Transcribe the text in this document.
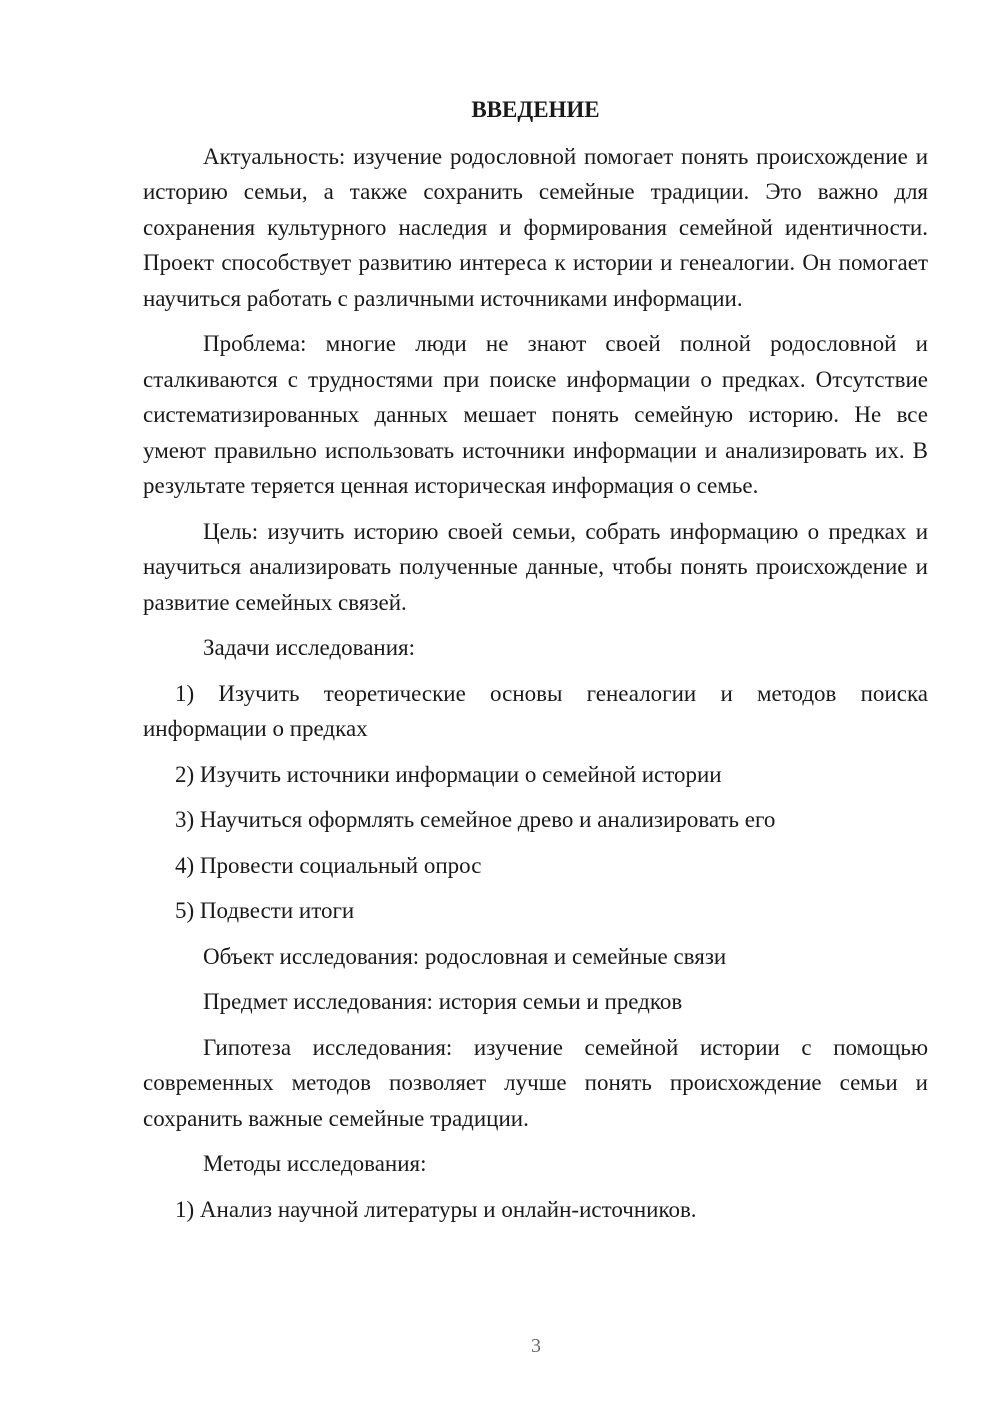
ВВЕДЕНИЕ
Актуальность: изучение родословной помогает понять происхождение и историю семьи, а также сохранить семейные традиции. Это важно для сохранения культурного наследия и формирования семейной идентичности. Проект способствует развитию интереса к истории и генеалогии. Он помогает научиться работать с различными источниками информации.
Проблема: многие люди не знают своей полной родословной и сталкиваются с трудностями при поиске информации о предках. Отсутствие систематизированных данных мешает понять семейную историю. Не все умеют правильно использовать источники информации и анализировать их. В результате теряется ценная историческая информация о семье.
Цель: изучить историю своей семьи, собрать информацию о предках и научиться анализировать полученные данные, чтобы понять происхождение и развитие семейных связей.
Задачи исследования:
1) Изучить теоретические основы генеалогии и методов поиска информации о предках
2) Изучить источники информации о семейной истории
3) Научиться оформлять семейное древо и анализировать его
4) Провести социальный опрос
5) Подвести итоги
Объект исследования: родословная и семейные связи
Предмет исследования: история семьи и предков
Гипотеза исследования: изучение семейной истории с помощью современных методов позволяет лучше понять происхождение семьи и сохранить важные семейные традиции.
Методы исследования:
1) Анализ научной литературы и онлайн-источников.
3
